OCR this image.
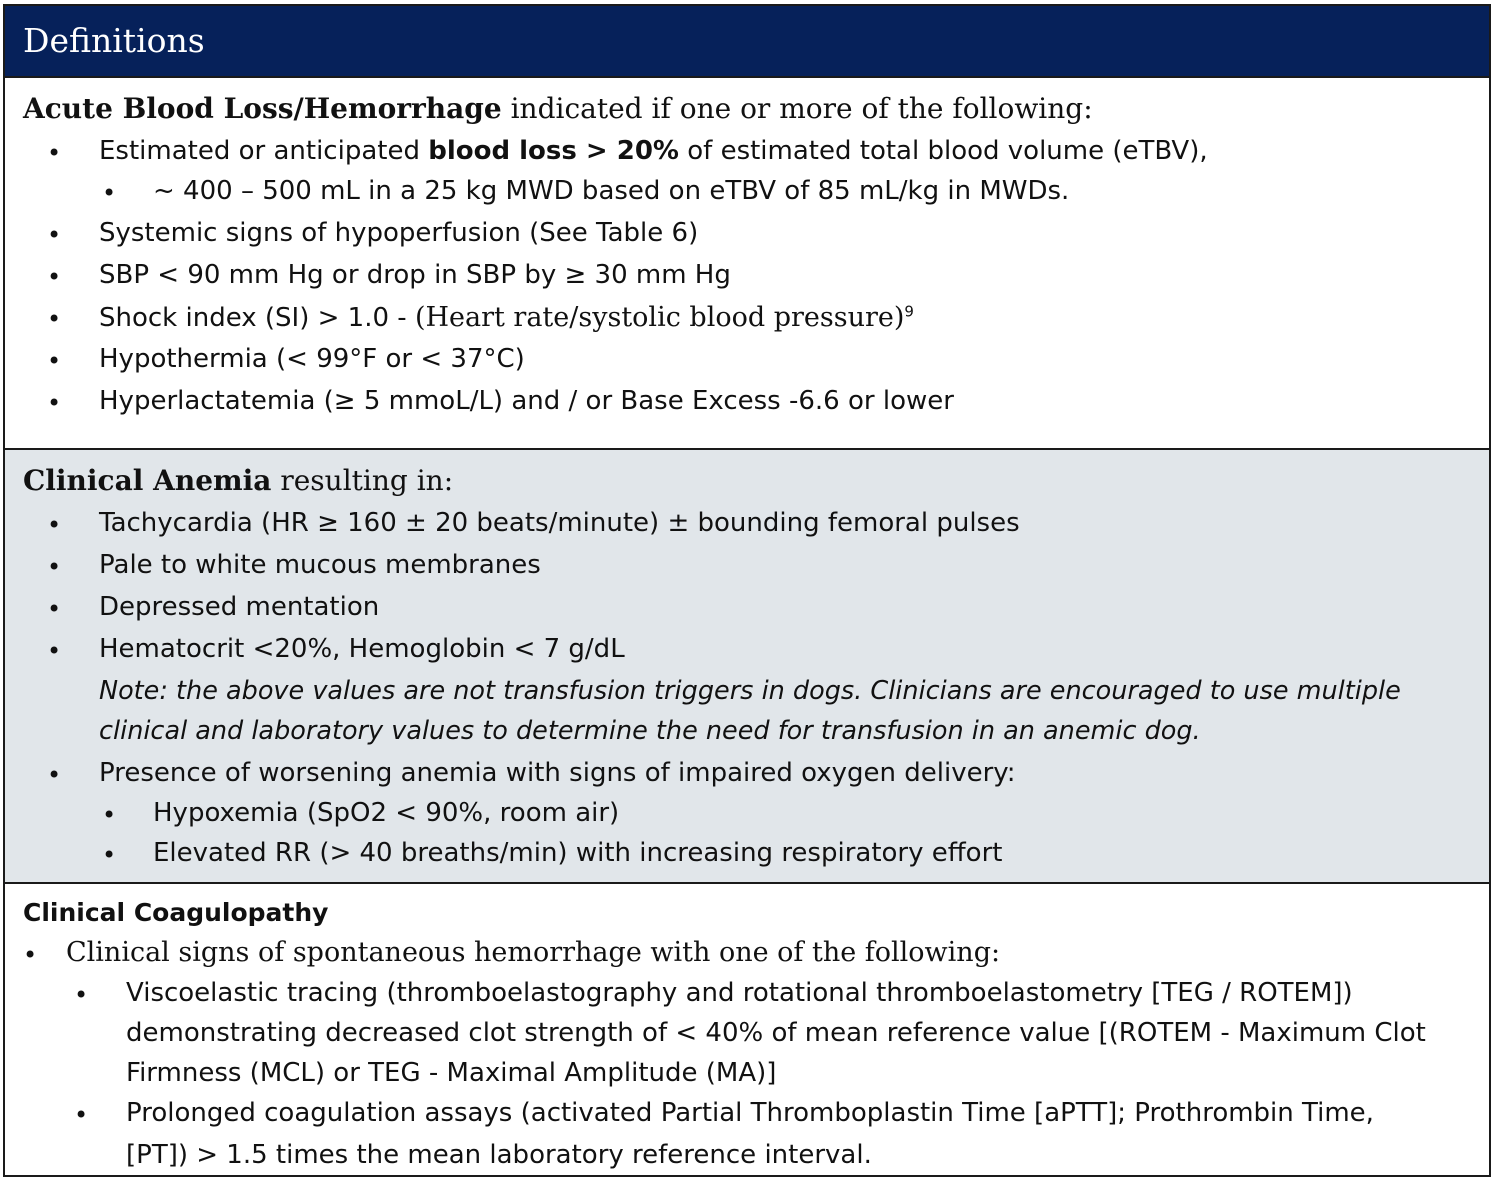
Definitions
Acute Blood Loss/Hemorrhage indicated if one or more of the following:
• Estimated or anticipated blood loss > 20% of estimated total blood volume (eTBV),
• ~ 400 – 500 mL in a 25 kg MWD based on eTBV of 85 mL/kg in MWDs.
• Systemic signs of hypoperfusion (See Table 6)
• SBP < 90 mm Hg or drop in SBP by ≥ 30 mm Hg
• Shock index (SI) > 1.0 - (Heart rate/systolic blood pressure)$^9$
• Hypothermia (< 99°F or < 37°C)
• Hyperlactatemia (≥ 5 mmoL/L) and / or Base Excess -6.6 or lower
Clinical Anemia resulting in:
• Tachycardia (HR ≥ 160 ± 20 beats/minute) ± bounding femoral pulses
• Pale to white mucous membranes
• Depressed mentation
• Hematocrit <20%, Hemoglobin < 7 g/dL
Note: the above values are not transfusion triggers in dogs. Clinicians are encouraged to use multiple
clinical and laboratory values to determine the need for transfusion in an anemic dog.
• Presence of worsening anemia with signs of impaired oxygen delivery:
• Hypoxemia (SpO2 < 90%, room air)
• Elevated RR (> 40 breaths/min) with increasing respiratory effort
Clinical Coagulopathy
• Clinical signs of spontaneous hemorrhage with one of the following:
• Viscoelastic tracing (thromboelastography and rotational thromboelastometry [TEG / ROTEM])
demonstrating decreased clot strength of < 40% of mean reference value [(ROTEM - Maximum Clot
Firmness (MCL) or TEG - Maximal Amplitude (MA)]
• Prolonged coagulation assays (activated Partial Thromboplastin Time [aPTT]; Prothrombin Time,
[PT]) > 1.5 times the mean laboratory reference interval.
